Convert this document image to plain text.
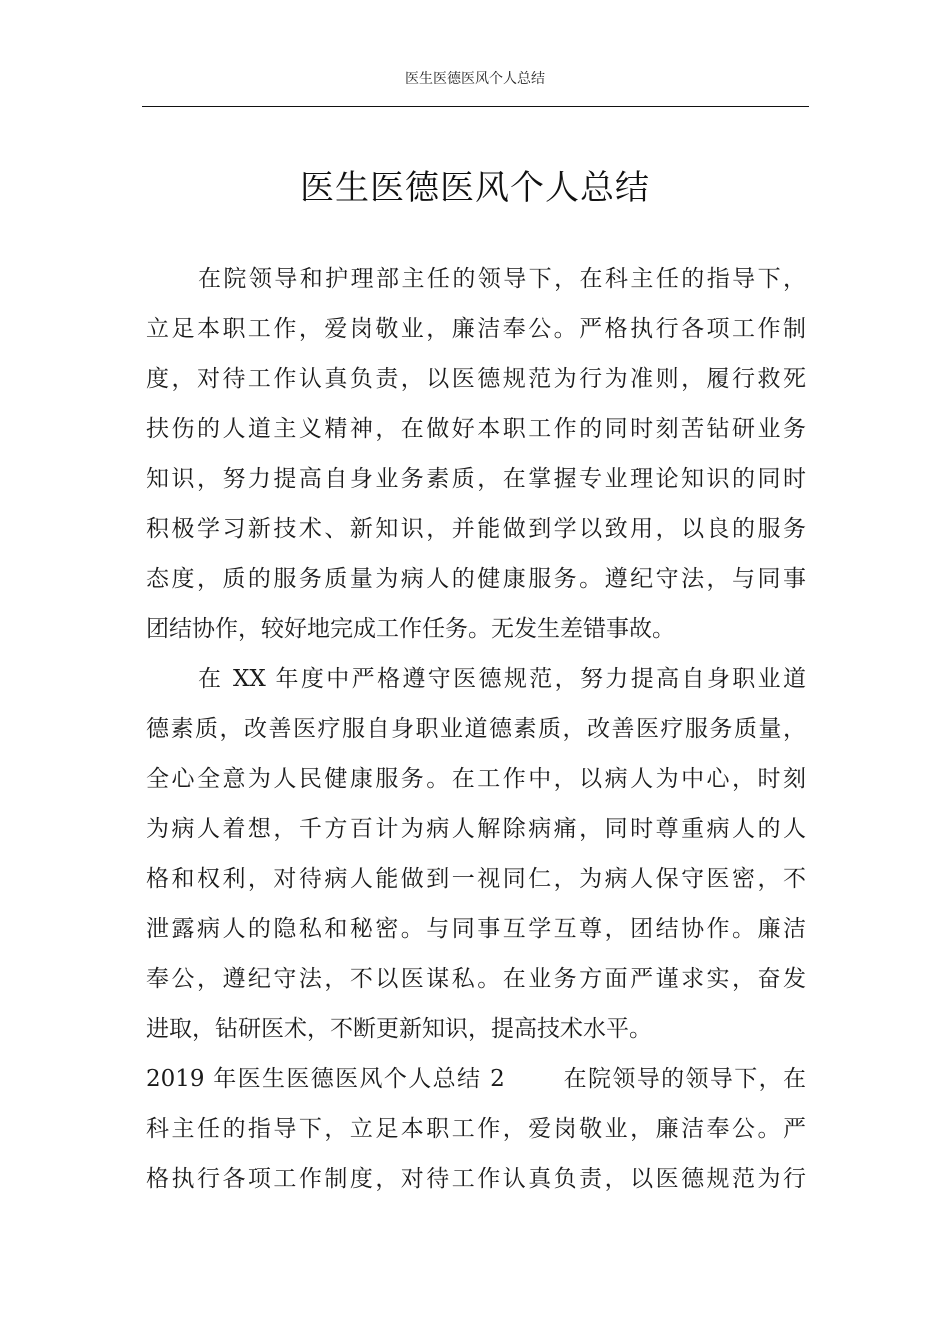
医生医德医风个人总结
医生医德医风个人总结
在院领导和护理部主任的领导下，在科主任的指导下，
立足本职工作，爱岗敬业，廉洁奉公。严格执行各项工作制
度，对待工作认真负责，以医德规范为行为准则，履行救死
扶伤的人道主义精神，在做好本职工作的同时刻苦钻研业务
知识，努力提高自身业务素质，在掌握专业理论知识的同时
积极学习新技术、新知识，并能做到学以致用，以良的服务
态度，质的服务质量为病人的健康服务。遵纪守法，与同事
团结协作，较好地完成工作任务。无发生差错事故。
在 XX 年度中严格遵守医德规范，努力提高自身职业道
德素质，改善医疗服自身职业道德素质，改善医疗服务质量，
全心全意为人民健康服务。在工作中，以病人为中心，时刻
为病人着想，千方百计为病人解除病痛，同时尊重病人的人
格和权利，对待病人能做到一视同仁，为病人保守医密，不
泄露病人的隐私和秘密。与同事互学互尊，团结协作。廉洁
奉公，遵纪守法，不以医谋私。在业务方面严谨求实，奋发
进取，钻研医术，不断更新知识，提高技术水平。
2019 年医生医德医风个人总结 2　　 在院领导的领导下，在
科主任的指导下，立足本职工作，爱岗敬业，廉洁奉公。严
格执行各项工作制度，对待工作认真负责，以医德规范为行
